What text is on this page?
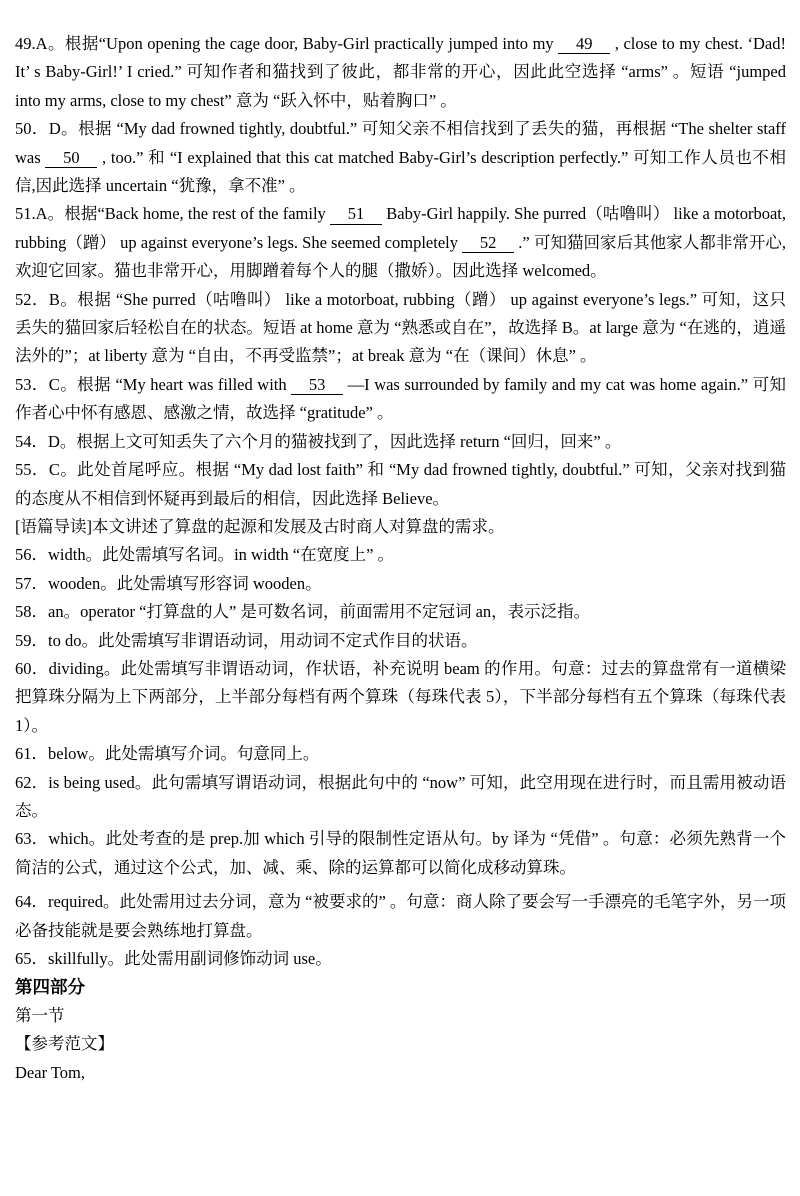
49.A。根据“Upon opening the cage door, Baby-Girl practically jumped into my 49 , close to my chest. ‘Dad! It’ s Baby-Girl!’ I cried.” 可知作者和猫找到了彼此，都非常的开心，因此此空选择 “arms” 。短语 “jumped into my arms, close to my chest” 意为 “跃入怀中，贴着胸口” 。
50．D。根据 “My dad frowned tightly, doubtful.” 可知父亲不相信找到了丢失的猫，再根据 “The shelter staff was 50 , too.” 和 “I explained that this cat matched Baby-Girl’s description perfectly.” 可知工作人员也不相信,因此选择 uncertain “犹豫，拿不准” 。
51.A。根据“Back home, the rest of the family 51 Baby-Girl happily. She purred（咕噜叫） like a motorboat, rubbing（蹭） up against everyone’s legs. She seemed completely 52 .” 可知猫回家后其他家人都非常开心,欢迎它回家。猫也非常开心，用脚蹭着每个人的腿（撒娇）。因此选择 welcomed。
52．B。根据 “She purred（咕噜叫） like a motorboat, rubbing（蹭） up against everyone’s legs.” 可知，这只丢失的猫回家后轻松自在的状态。短语 at home 意为 “熟悉或自在”，故选择 B。at large 意为 “在逃的，逍遥法外的”；at liberty 意为 “自由，不再受监禁”；at break 意为 “在（课间）休息” 。
53．C。根据 “My heart was filled with 53 —I was surrounded by family and my cat was home again.” 可知作者心中怀有感恩、感激之情，故选择 “gratitude” 。
54．D。根据上文可知丢失了六个月的猫被找到了，因此选择 return “回归，回来” 。
55．C。此处首尾呼应。根据 “My dad lost faith” 和 “My dad frowned tightly, doubtful.” 可知，父亲对找到猫的态度从不相信到怀疑再到最后的相信，因此选择 Believe。
[语篇导读]本文讲述了算盘的起源和发展及古时商人对算盘的需求。
56．width。此处需填写名词。in width “在宽度上” 。
57．wooden。此处需填写形容词 wooden。
58．an。operator “打算盘的人” 是可数名词，前面需用不定冠词 an，表示泛指。
59．to do。此处需填写非谓语动词，用动词不定式作目的状语。
60．dividing。此处需填写非谓语动词，作状语，补充说明 beam 的作用。句意：过去的算盘常有一道横梁把算珠分隔为上下两部分，上半部分每档有两个算珠（每珠代表 5），下半部分每档有五个算珠（每珠代表 1）。
61．below。此处需填写介词。句意同上。
62．is being used。此句需填写谓语动词，根据此句中的 “now” 可知，此空用现在进行时，而且需用被动语态。
63．which。此处考查的是 prep.加 which 引导的限制性定语从句。by 译为 “凭借” 。句意：必须先熟背一个简洁的公式，通过这个公式，加、减、乘、除的运算都可以简化成移动算珠。
64．required。此处需用过去分词，意为 “被要求的” 。句意：商人除了要会写一手漂亮的毛笔字外，另一项必备技能就是要会熟练地打算盘。
65．skillfully。此处需用副词修饰动词 use。
第四部分
第一节
【参考范文】
Dear Tom,
